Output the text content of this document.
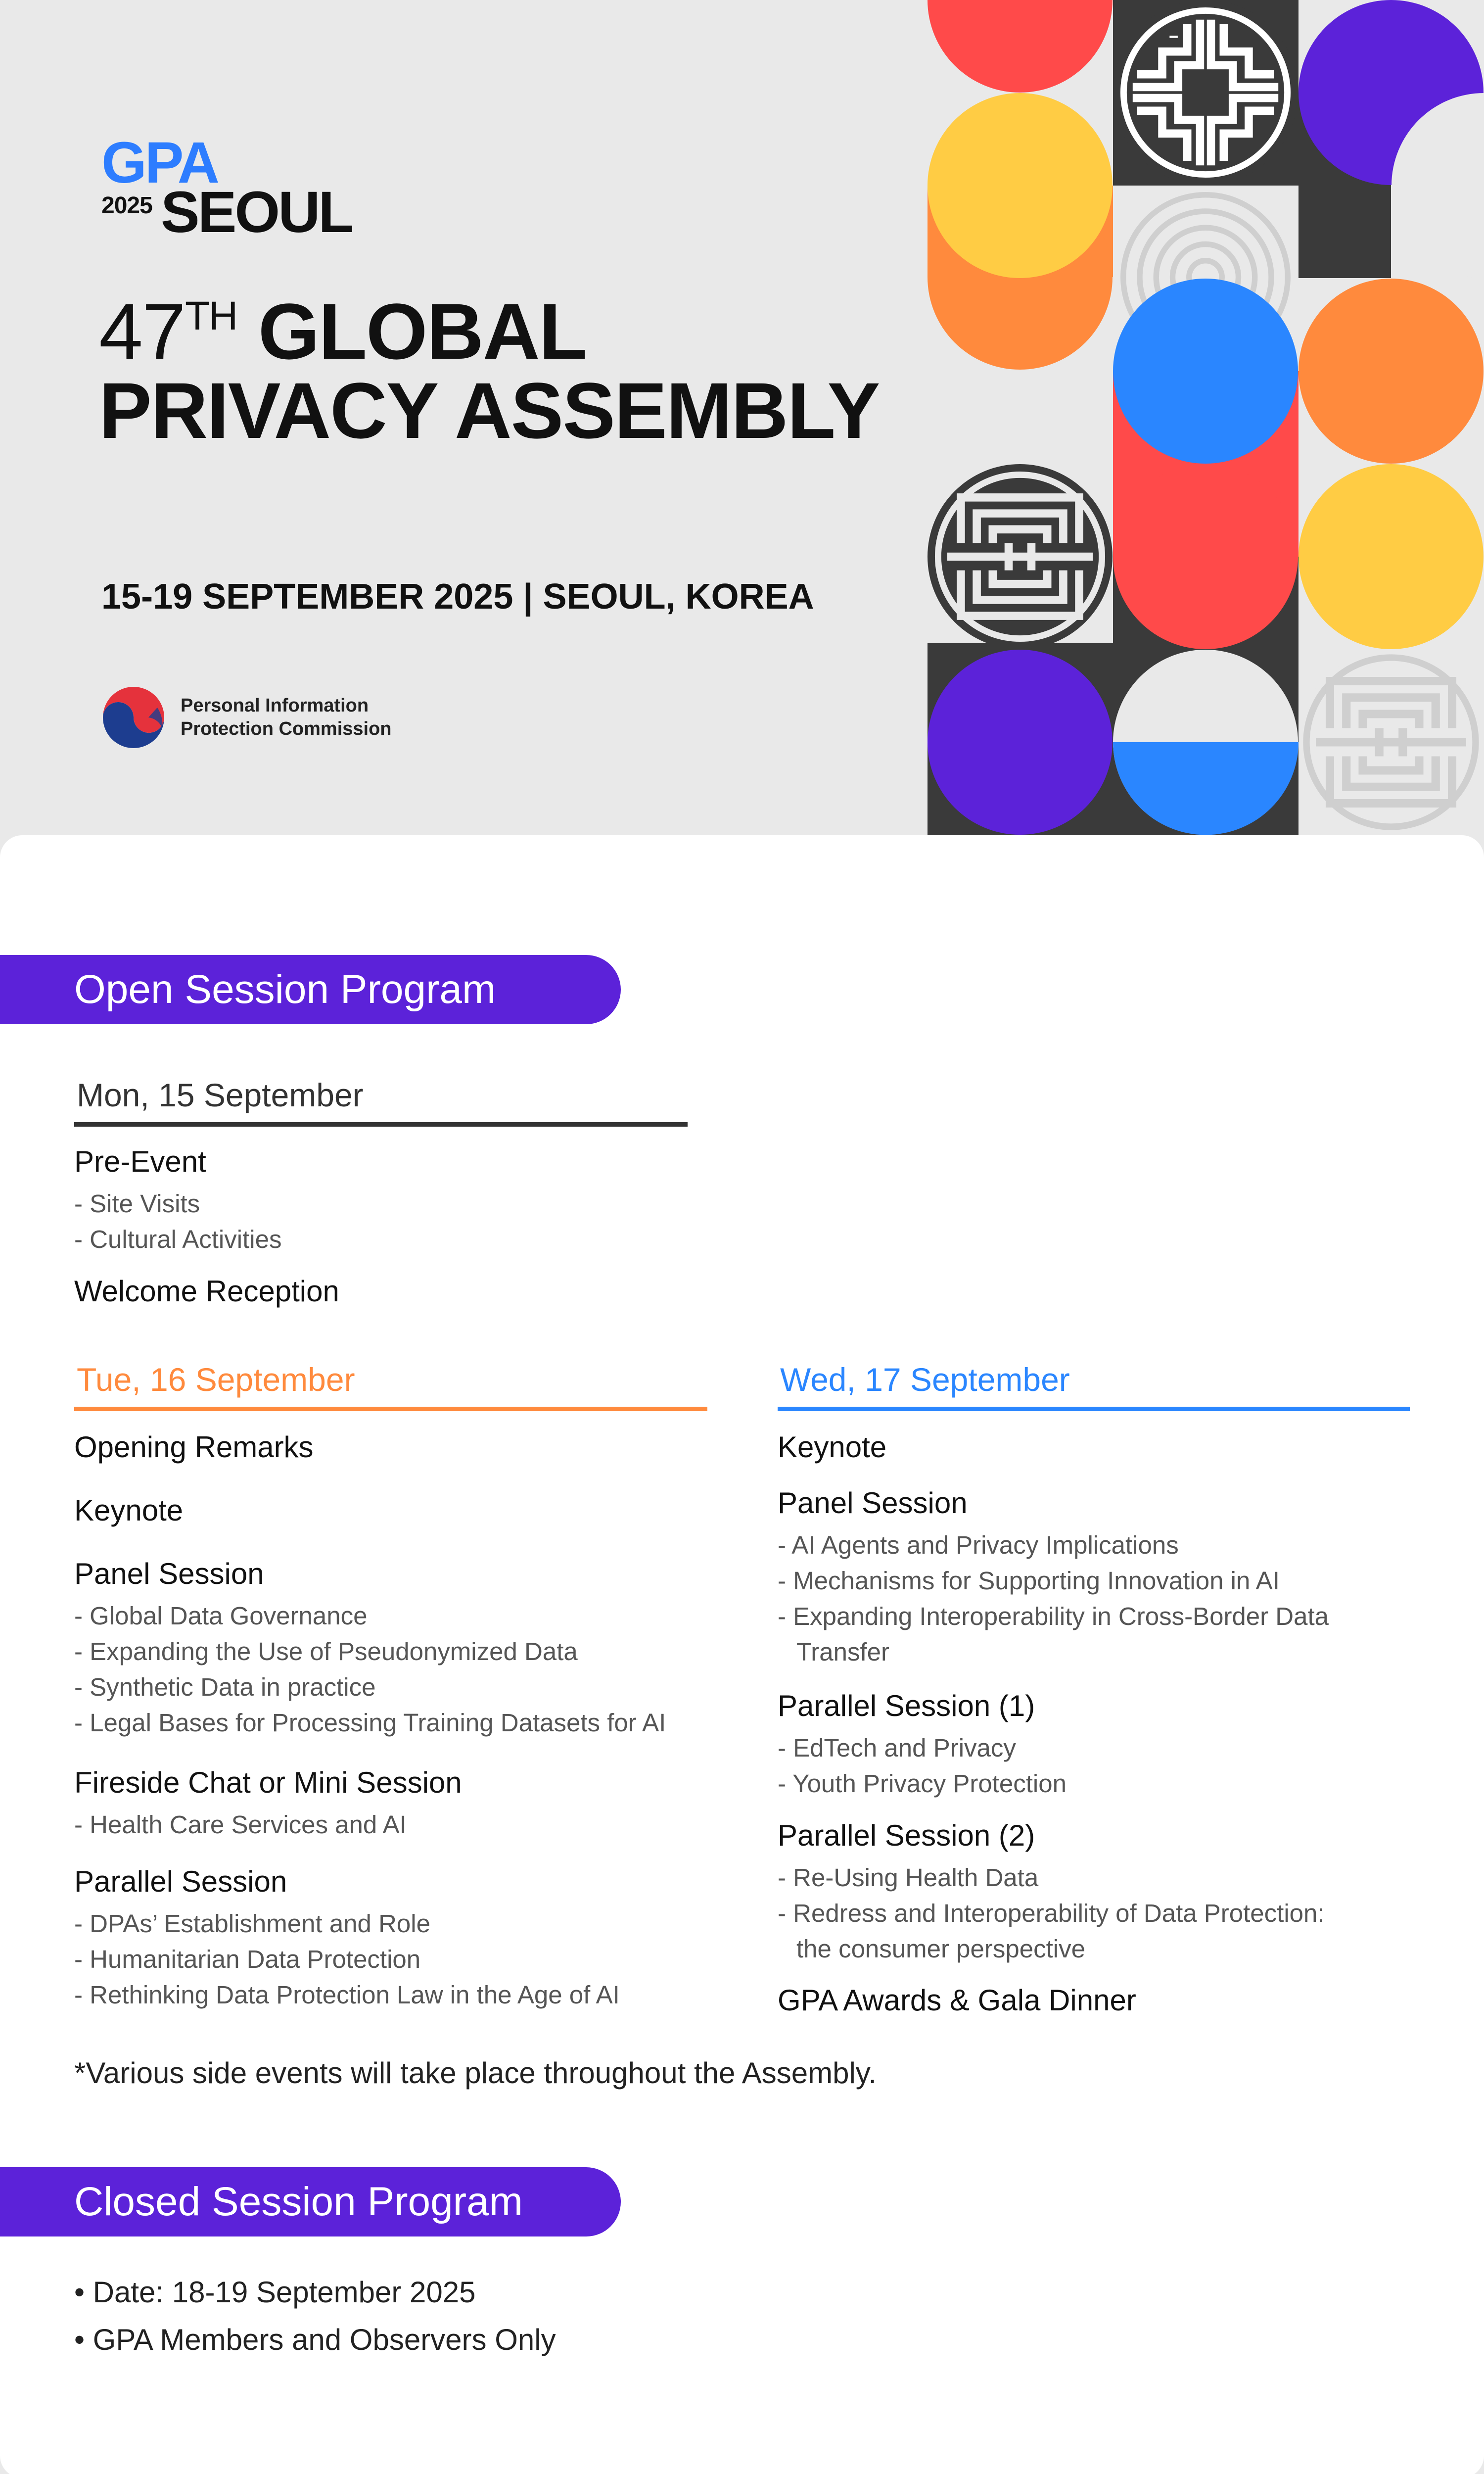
GPA
2025 SEOUL
47TH GLOBAL
PRIVACY ASSEMBLY
15-19 SEPTEMBER 2025 | SEOUL, KOREA
Personal Information
Protection Commission
Open Session Program
Mon, 15 September
Pre-Event
- Site Visits
- Cultural Activities
Welcome Reception
Tue, 16 September
Opening Remarks
Keynote
Panel Session
- Global Data Governance
- Expanding the Use of Pseudonymized Data
- Synthetic Data in practice
- Legal Bases for Processing Training Datasets for AI
Fireside Chat or Mini Session
- Health Care Services and AI
Parallel Session
- DPAs’ Establishment and Role
- Humanitarian Data Protection
- Rethinking Data Protection Law in the Age of AI
Wed, 17 September
Keynote
Panel Session
- AI Agents and Privacy Implications
- Mechanisms for Supporting Innovation in AI
- Expanding Interoperability in Cross-Border Data
Transfer
Parallel Session (1)
- EdTech and Privacy
- Youth Privacy Protection
Parallel Session (2)
- Re-Using Health Data
- Redress and Interoperability of Data Protection:
the consumer perspective
GPA Awards & Gala Dinner
*Various side events will take place throughout the Assembly.
Closed Session Program
• Date: 18-19 September 2025
• GPA Members and Observers Only
